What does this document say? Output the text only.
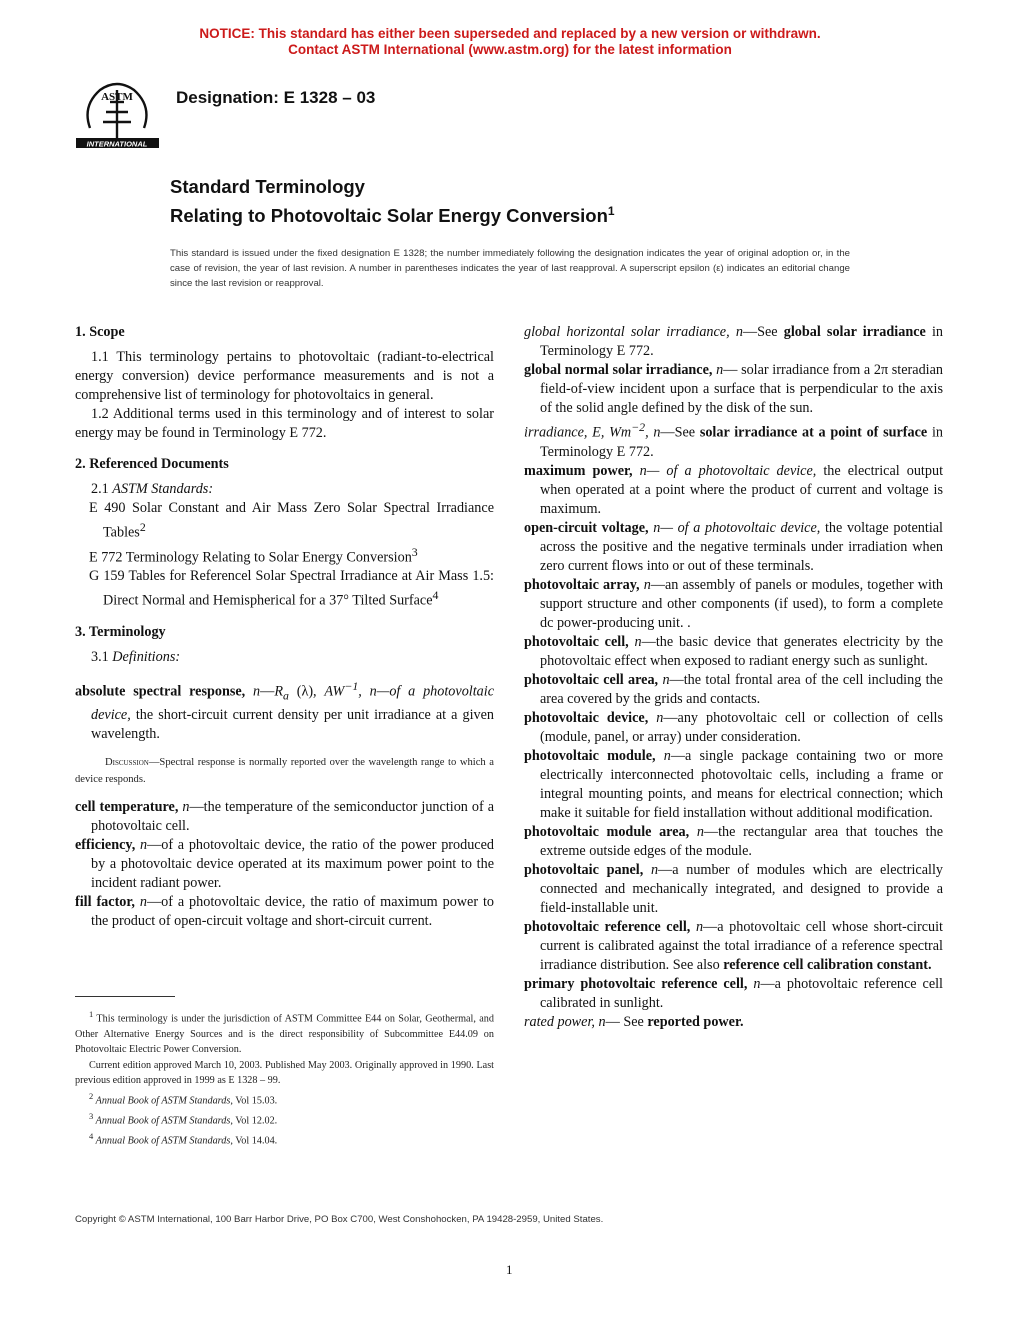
NOTICE: This standard has either been superseded and replaced by a new version or withdrawn.
Contact ASTM International (www.astm.org) for the latest information
ASTM
INTERNATIONAL
Designation: E 1328 – 03
Standard Terminology
Relating to Photovoltaic Solar Energy Conversion$^1$
This standard is issued under the fixed designation E 1328; the number immediately following the designation indicates the year of original adoption or, in the case of revision, the year of last revision. A number in parentheses indicates the year of last reapproval. A superscript epsilon (ε) indicates an editorial change since the last revision or reapproval.

1. Scope

1.1 This terminology pertains to photovoltaic (radiant-to-electrical energy conversion) device performance measurements and is not a comprehensive list of terminology for photovoltaics in general.

1.2 Additional terms used in this terminology and of interest to solar energy may be found in Terminology E 772.

2. Referenced Documents

2.1 ASTM Standards:

E 490 Solar Constant and Air Mass Zero Solar Spectral Irradiance Tables$^2$

E 772 Terminology Relating to Solar Energy Conversion$^3$

G 159 Tables for Referencel Solar Spectral Irradiance at Air Mass 1.5: Direct Normal and Hemispherical for a 37° Tilted Surface$^4$

3. Terminology

3.1 Definitions:

absolute spectral response, $n—R_a$ (λ), $AW^{-1}$, n—of a photovoltaic device, the short-circuit current density per unit irradiance at a given wavelength.

Discussion—Spectral response is normally reported over the wavelength range to which a device responds.

cell temperature, n—the temperature of the semiconductor junction of a photovoltaic cell.

efficiency, n—of a photovoltaic device, the ratio of the power produced by a photovoltaic device operated at its maximum power point to the incident radiant power.

fill factor, n—of a photovoltaic device, the ratio of maximum power to the product of open-circuit voltage and short-circuit current.

global horizontal solar irradiance, n—See global solar irradiance in Terminology E 772.

global normal solar irradiance, n— solar irradiance from a 2π steradian field-of-view incident upon a surface that is perpendicular to the axis of the solid angle defined by the disk of the sun.

irradiance, E, $Wm^{-2}$, n—See solar irradiance at a point of surface in Terminology E 772.

maximum power, n— of a photovoltaic device, the electrical output when operated at a point where the product of current and voltage is maximum.

open-circuit voltage, n— of a photovoltaic device, the voltage potential across the positive and the negative terminals under irradiation when zero current flows into or out of these terminals.

photovoltaic array, n—an assembly of panels or modules, together with support structure and other components (if used), to form a complete dc power-producing unit. .

photovoltaic cell, n—the basic device that generates electricity by the photovoltaic effect when exposed to radiant energy such as sunlight.

photovoltaic cell area, n—the total frontal area of the cell including the area covered by the grids and contacts.

photovoltaic device, n—any photovoltaic cell or collection of cells (module, panel, or array) under consideration.

photovoltaic module, n—a single package containing two or more electrically interconnected photovoltaic cells, including a frame or integral mounting points, and means for electrical connection; which make it suitable for field installation without additional modification.

photovoltaic module area, n—the rectangular area that touches the extreme outside edges of the module.

photovoltaic panel, n—a number of modules which are electrically connected and mechanically integrated, and designed to provide a field-installable unit.

photovoltaic reference cell, n—a photovoltaic cell whose short-circuit current is calibrated against the total irradiance of a reference spectral irradiance distribution. See also reference cell calibration constant.

primary photovoltaic reference cell, n—a photovoltaic reference cell calibrated in sunlight.

rated power, n— See reported power.

$^1$ This terminology is under the jurisdiction of ASTM Committee E44 on Solar, Geothermal, and Other Alternative Energy Sources and is the direct responsibility of Subcommittee E44.09 on Photovoltaic Electric Power Conversion.

Current edition approved March 10, 2003. Published May 2003. Originally approved in 1990. Last previous edition approved in 1999 as E 1328 – 99.

$^2$ Annual Book of ASTM Standards, Vol 15.03.

$^3$ Annual Book of ASTM Standards, Vol 12.02.

$^4$ Annual Book of ASTM Standards, Vol 14.04.

Copyright © ASTM International, 100 Barr Harbor Drive, PO Box C700, West Conshohocken, PA 19428-2959, United States.
1
